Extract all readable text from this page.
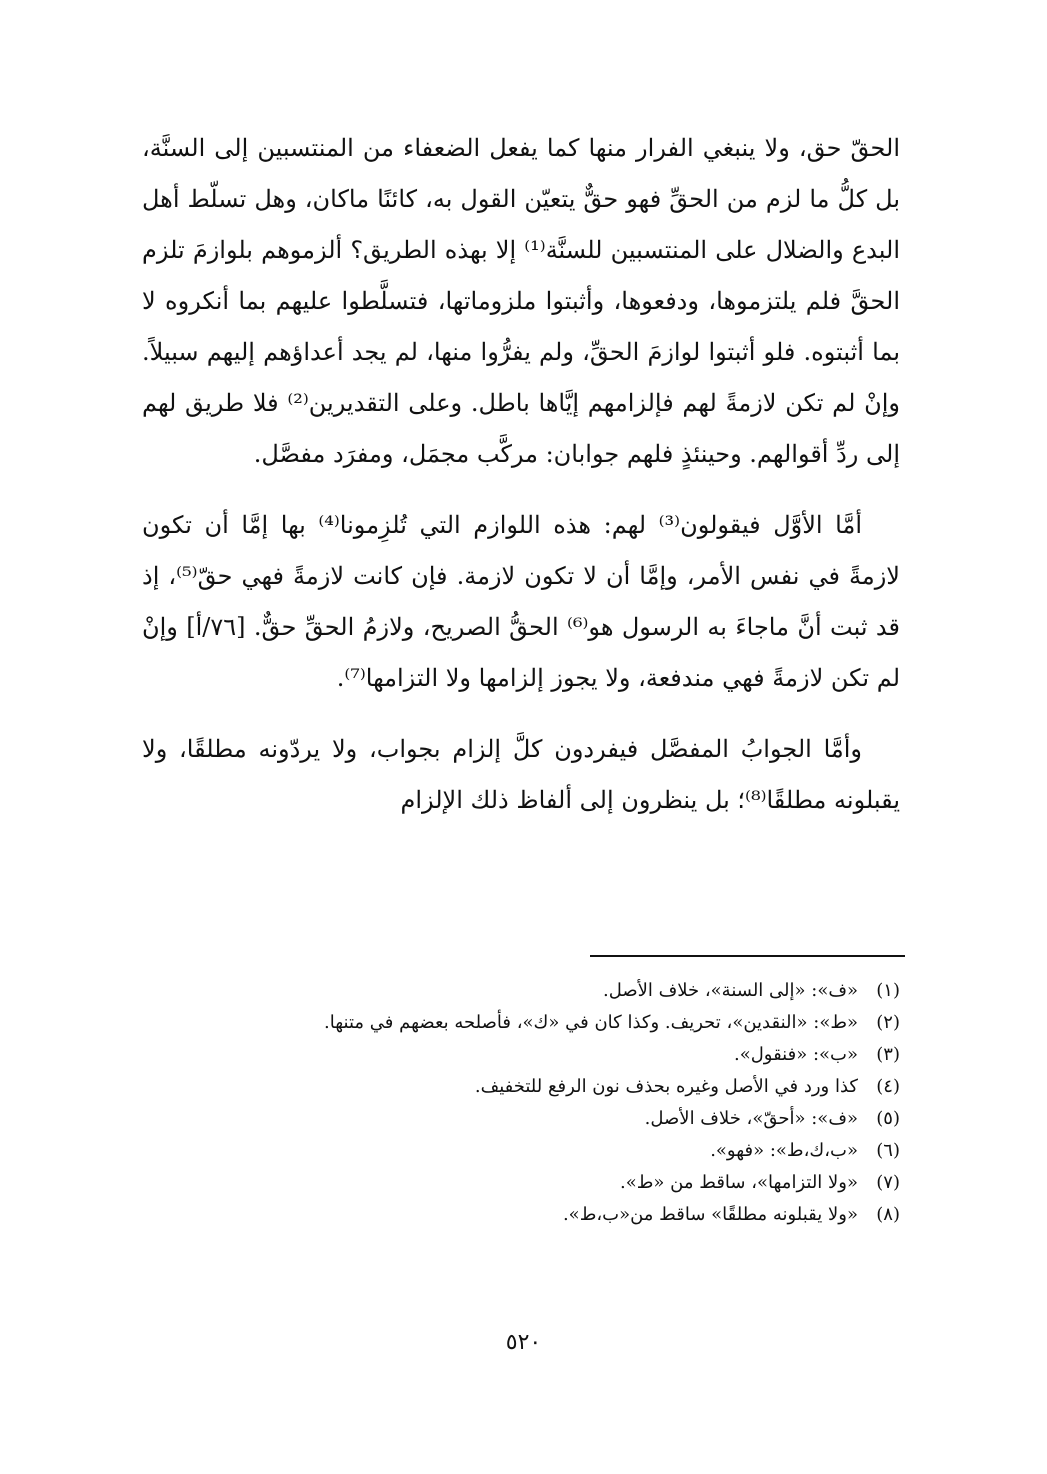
الحقّ حق، ولا ينبغي الفرار منها كما يفعل الضعفاء من المنتسبين إلى السنَّة، بل كلُّ ما لزم من الحقِّ فهو حقٌّ يتعيّن القول به، كائنًا ماكان، وهل تسلّط أهل البدع والضلال على المنتسبين للسنَّة⁽¹⁾ إلا بهذه الطريق؟ ألزموهم بلوازمَ تلزم الحقَّ فلم يلتزموها، ودفعوها، وأثبتوا ملزوماتها، فتسلَّطوا عليهم بما أنكروه لا بما أثبتوه. فلو أثبتوا لوازمَ الحقِّ، ولم يفرُّوا منها، لم يجد أعداؤهم إليهم سبيلاً. وإنْ لم تكن لازمةً لهم فإلزامهم إيَّاها باطل. وعلى التقديرين⁽²⁾ فلا طريق لهم إلى ردِّ أقوالهم. وحينئذٍ فلهم جوابان: مركَّب مجمَل، ومفرَد مفصَّل.

أمَّا الأوَّل فيقولون⁽³⁾ لهم: هذه اللوازم التي تُلزِمونا⁽⁴⁾ بها إمَّا أن تكون لازمةً في نفس الأمر، وإمَّا أن لا تكون لازمة. فإن كانت لازمةً فهي حقّ⁽⁵⁾، إذ قد ثبت أنَّ ماجاءَ به الرسول هو⁽⁶⁾ الحقُّ الصريح، ولازمُ الحقِّ حقٌّ. [٧٦/أ] وإنْ لم تكن لازمةً فهي مندفعة، ولا يجوز إلزامها ولا التزامها⁽⁷⁾.

وأمَّا الجوابُ المفصَّل فيفردون كلَّ إلزام بجواب، ولا يردّونه مطلقًا، ولا يقبلونه مطلقًا⁽⁸⁾؛ بل ينظرون إلى ألفاظ ذلك الإلزام

(١)
«ف»: «إلى السنة»، خلاف الأصل.
(٢)
«ط»: «النقدين»، تحريف. وكذا كان في «ك»، فأصلحه بعضهم في متنها.
(٣)
«ب»: «فنقول».
(٤)
كذا ورد في الأصل وغيره بحذف نون الرفع للتخفيف.
(٥)
«ف»: «أحقّ»، خلاف الأصل.
(٦)
«ب،ك،ط»: «فهو».
(٧)
«ولا التزامها»، ساقط من «ط».
(٨)
«ولا يقبلونه مطلقًا» ساقط من«ب،ط».
٥٢٠
